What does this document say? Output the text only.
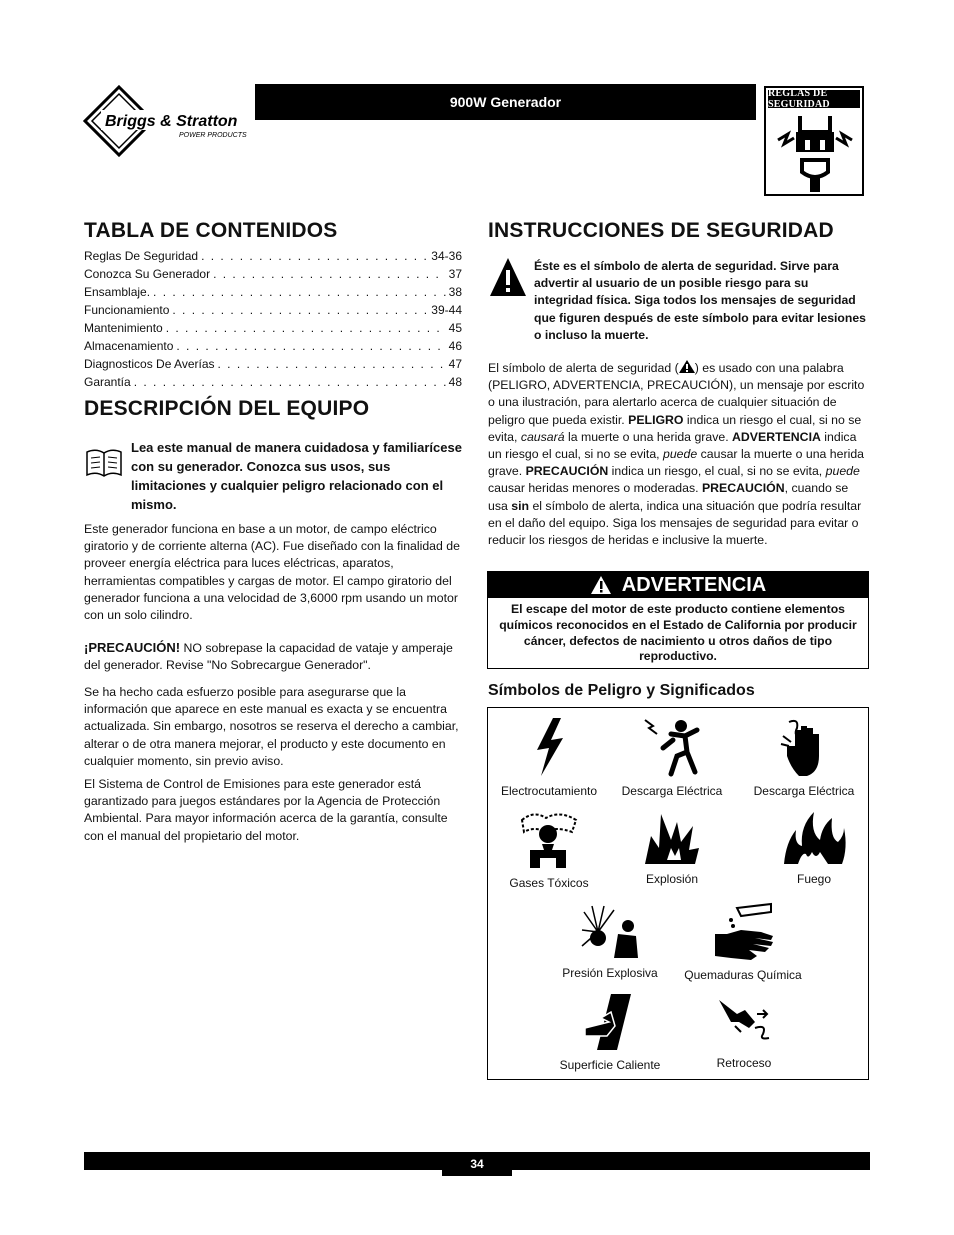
Briggs & Stratton
POWER PRODUCTS
900W Generador
REGLAS DE SEGURIDAD
TABLA DE CONTENIDOS
Reglas De Seguridad . . .	34-36
Conozca Su Generador . . .	37
Ensamblaje. . . .	38
Funcionamiento . . .	39-44
Mantenimiento . . .	45
Almacenamiento . . .	46
Diagnosticos De Averías . . .	47
Garantía . . .	48
DESCRIPCIÓN DEL EQUIPO

Lea este manual de manera cuidadosa y familiarícese con su generador. Conozca sus usos, sus limitaciones y cualquier peligro relacionado con el mismo.

Este generador funciona en base a un motor, de campo eléctrico giratorio y de corriente alterna (AC). Fue diseñado con la finalidad de proveer energía eléctrica para luces eléctricas, aparatos, herramientas compatibles y cargas de motor. El campo giratorio del generador funciona a una velocidad de 3,6000 rpm usando un motor con un solo cilindro.

¡PRECAUCIÓN! NO sobrepase la capacidad de vataje y amperaje del generador. Revise "No Sobrecargue Generador".

Se ha hecho cada esfuerzo posible para asegurarse que la información que aparece en este manual es exacta y se encuentra actualizada. Sin embargo, nosotros se reserva el derecho a cambiar, alterar o de otra manera mejorar, el producto y este documento en cualquier momento, sin previo aviso.

El Sistema de Control de Emisiones para este generador está garantizado para juegos estándares por la Agencia de Protección Ambiental. Para mayor información acerca de la garantía, consulte con el manual del propietario del motor.

INSTRUCCIONES DE SEGURIDAD

Éste es el símbolo de alerta de seguridad. Sirve para advertir al usuario de un posible riesgo para su integridad física. Siga todos los mensajes de seguridad que figuren después de este símbolo para evitar lesiones o incluso la muerte.

El símbolo de alerta de seguridad ( ) es usado con una palabra (PELIGRO, ADVERTENCIA, PRECAUCIÓN), un mensaje por escrito o una ilustración, para alertarlo acerca de cualquier situación de peligro que pueda existir. PELIGRO indica un riesgo el cual, si no se evita, causará la muerte o una herida grave. ADVERTENCIA indica un riesgo el cual, si no se evita, puede causar la muerte o una herida grave. PRECAUCIÓN indica un riesgo, el cual, si no se evita, puede causar heridas menores o moderadas. PRECAUCIÓN, cuando se usa sin el símbolo de alerta, indica una situación que podría resultar en el daño del equipo. Siga los mensajes de seguridad para evitar o reducir los riesgos de heridas e inclusive la muerte.

ADVERTENCIA
El escape del motor de este producto contiene elementos químicos reconocidos en el Estado de California por producir cáncer, defectos de nacimiento u otros daños de tipo reproductivo.
Símbolos de Peligro y Significados
Electrocutamiento	Descarga Eléctrica	Descarga Eléctrica
Gases Tóxicos	Explosión	Fuego
Presión Explosiva	Quemaduras Química
Superficie Caliente	Retroceso
34
